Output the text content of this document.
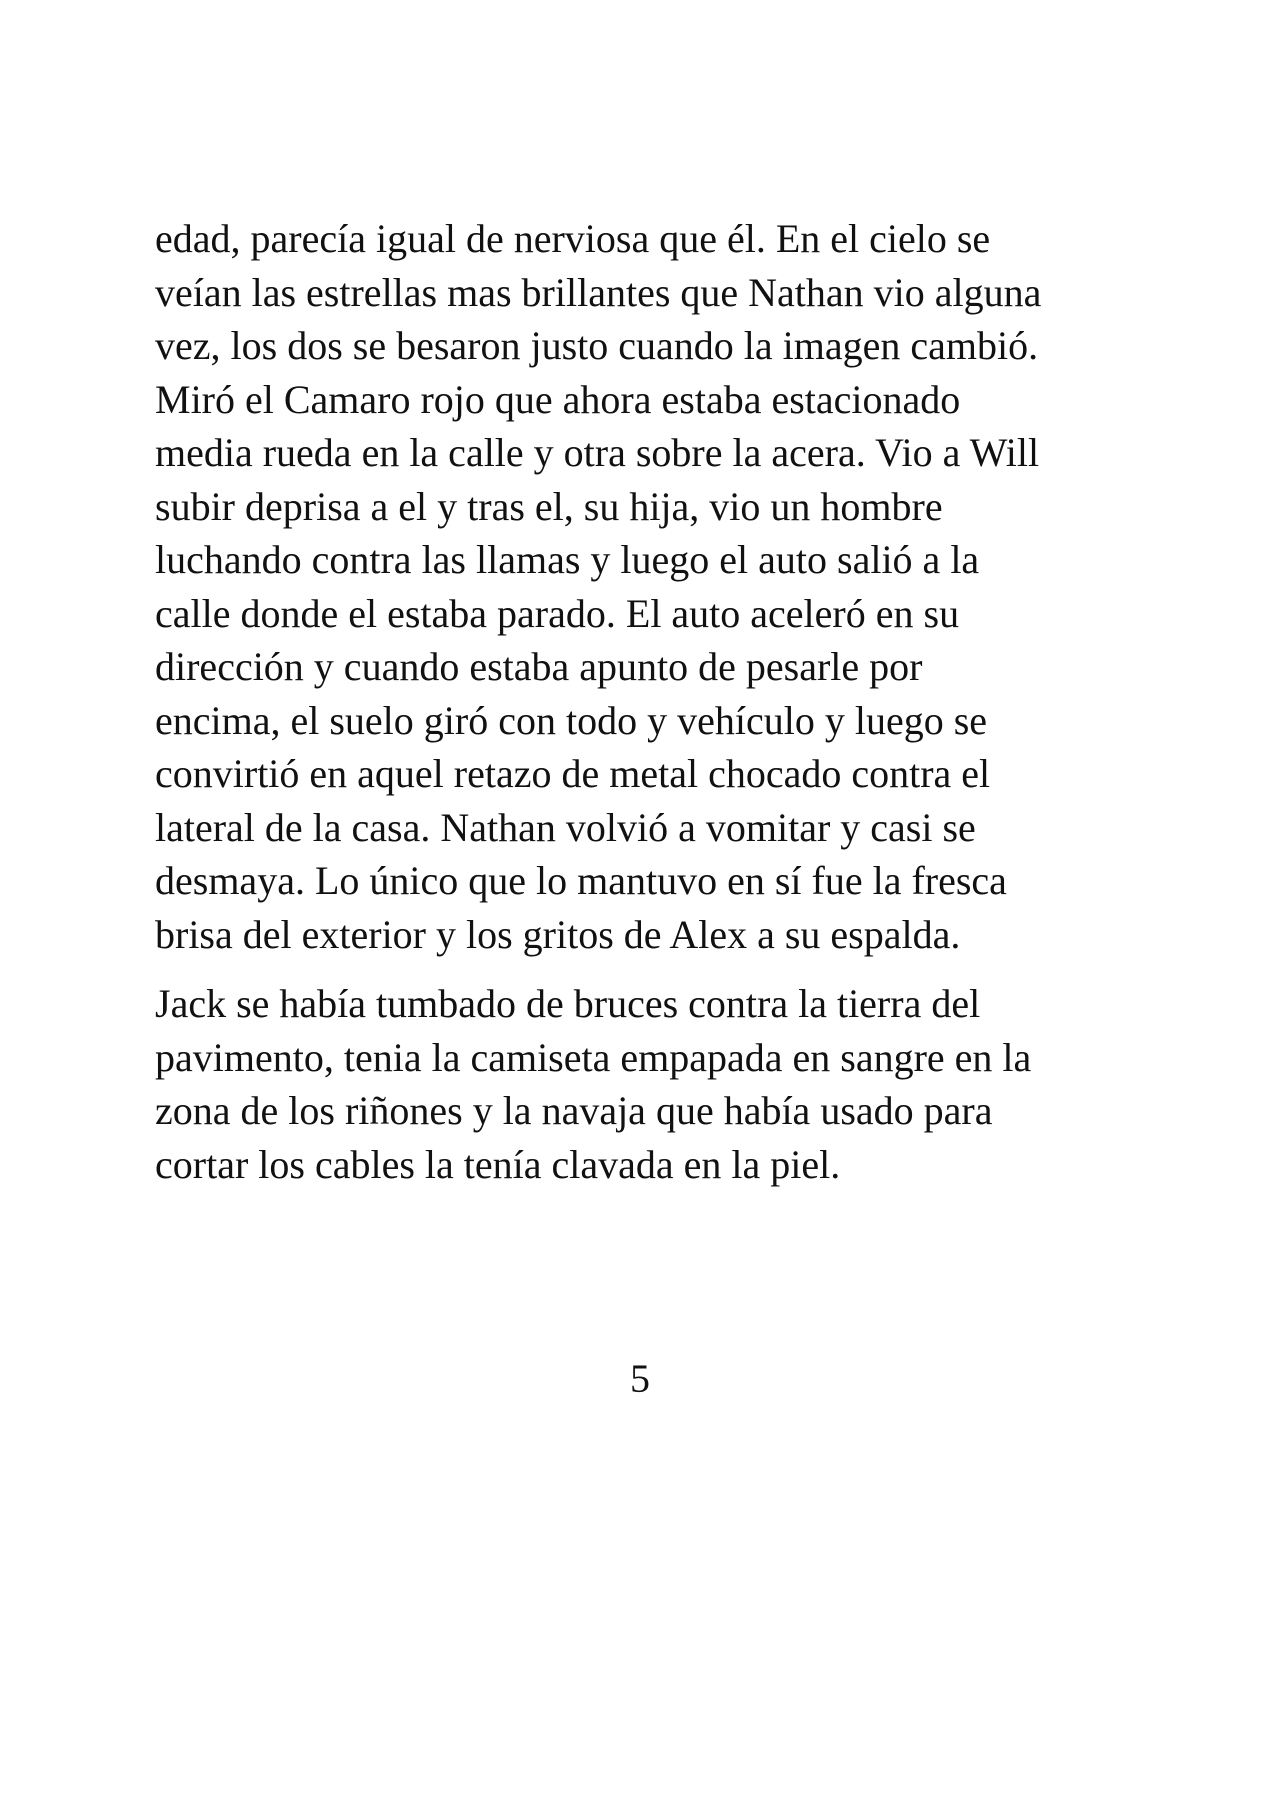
edad, parecía igual de nerviosa que él. En el cielo se
veían las estrellas mas brillantes que Nathan vio alguna
vez, los dos se besaron justo cuando la imagen cambió.
Miró el Camaro rojo que ahora estaba estacionado
media rueda en la calle y otra sobre la acera. Vio a Will
subir deprisa a el y tras el, su hija, vio un hombre
luchando contra las llamas y luego el auto salió a la
calle donde el estaba parado. El auto aceleró en su
dirección y cuando estaba apunto de pesarle por
encima, el suelo giró con todo y vehículo y luego se
convirtió en aquel retazo de metal chocado contra el
lateral de la casa. Nathan volvió a vomitar y casi se
desmaya. Lo único que lo mantuvo en sí fue la fresca
brisa del exterior y los gritos de Alex a su espalda.

Jack se había tumbado de bruces contra la tierra del
pavimento, tenia la camiseta empapada en sangre en la
zona de los riñones y la navaja que había usado para
cortar los cables la tenía clavada en la piel.

5
